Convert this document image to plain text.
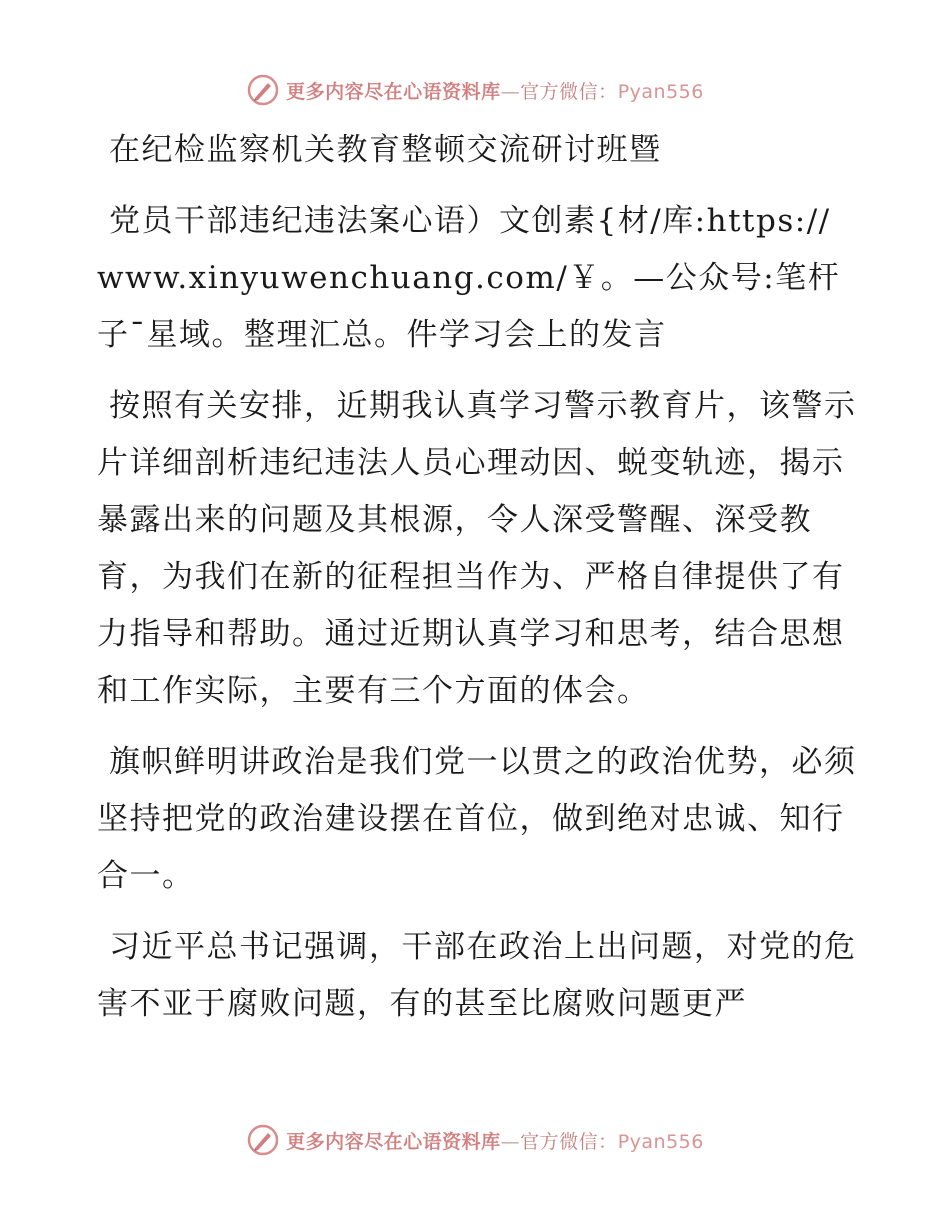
更多内容尽在心语资料库—官方微信：Pyan556

在纪检监察机关教育整顿交流研讨班暨

党员干部违纪违法案心语）文创素{材/库:https://www.xinyuwenchuang.com/￥。—公众号:笔杆子¯星域。整理汇总。件学习会上的发言

按照有关安排，近期我认真学习警示教育片，该警示片详细剖析违纪违法人员心理动因、蜕变轨迹，揭示暴露出来的问题及其根源，令人深受警醒、深受教育，为我们在新的征程担当作为、严格自律提供了有力指导和帮助。通过近期认真学习和思考，结合思想和工作实际，主要有三个方面的体会。

旗帜鲜明讲政治是我们党一以贯之的政治优势，必须坚持把党的政治建设摆在首位，做到绝对忠诚、知行合一。

习近平总书记强调，干部在政治上出问题，对党的危害不亚于腐败问题，有的甚至比腐败问题更严

更多内容尽在心语资料库—官方微信：Pyan556
